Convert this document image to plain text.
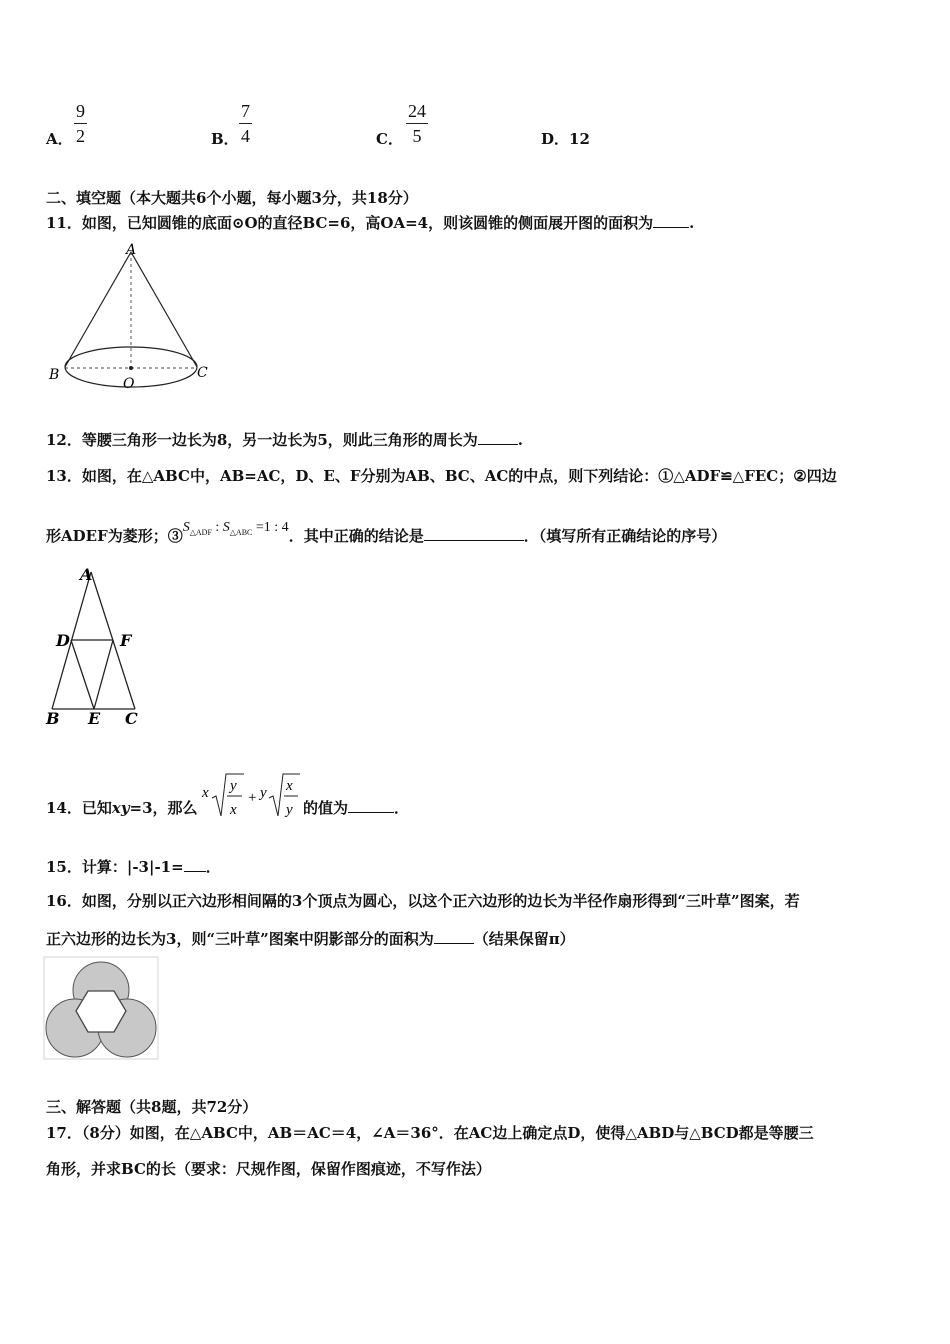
A．
9
2	B．
7
4	C．
24
5	D．12
二、填空题（本大题共6个小题，每小题3分，共18分）
11．如图，已知圆锥的底面⊙O的直径BC=6，高OA=4，则该圆锥的侧面展开图的面积为 .
A
B	C
O
12．等腰三角形一边长为8，另一边长为5，则此三角形的周长为	.
13．如图，在△ABC中，AB=AC，D、E、F分别为AB、BC、AC的中点，则下列结论：①△ADF≌△FEC；②四边
形ADEF为菱形；$③S_{\triangle ADF}$ : $S_{\triangle ABC} =1$ : 4．其中正确的结论是	．（填写所有正确结论的序号）
A
D	F
B E C
14．已知xy=3，那么
x y
x
+ y x
y 的值为	．
15．计算：|-3|-1= ．
16．如图，分别以正六边形相间隔的3个顶点为圆心，以这个正六边形的边长为半径作扇形得到“三叶草”图案，若
正六边形的边长为3，则“三叶草”图案中阴影部分的面积为	（结果保留π）
三、解答题（共8题，共72分）
17．（8分）如图，在△ABC中，AB＝AC＝4，∠A＝36°．在AC边上确定点D，使得△ABD与△BCD都是等腰三
角形，并求BC的长（要求：尺规作图，保留作图痕迹，不写作法）
